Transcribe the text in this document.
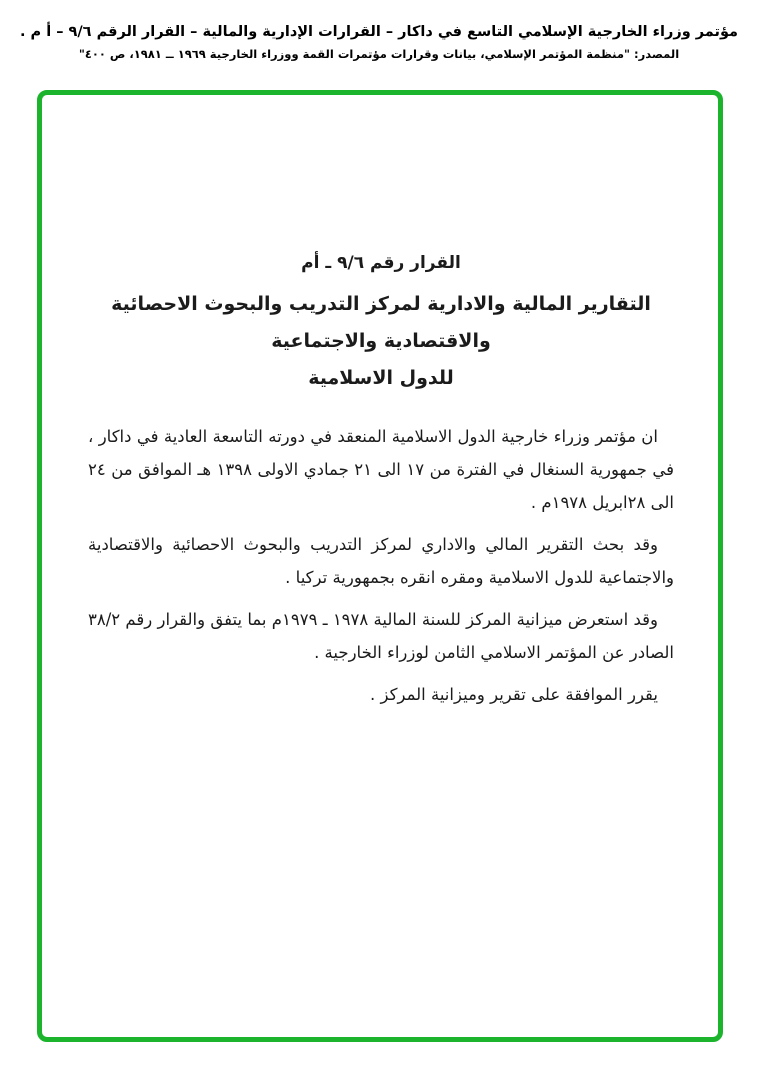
مؤتمر وزراء الخارجية الإسلامي التاسع في داكار – القرارات الإدارية والمالية – القرار الرقم ٩/٦ – أ م .
المصدر: "منظمة المؤتمر الإسلامي، بيانات وقرارات مؤتمرات القمة ووزراء الخارجية ١٩٦٩ ــ ١٩٨١، ص ٤٠٠"
القرار رقم ٩/٦ ـ أم
التقارير المالية والادارية لمركز التدريب والبحوث الاحصائية والاقتصادية والاجتماعية
للدول الاسلامية

ان مؤتمر وزراء خارجية الدول الاسلامية المنعقد في دورته التاسعة العادية في داكار ، في جمهورية السنغال في الفترة من ١٧ الى ٢١ جمادي الاولى ١٣٩٨ هـ الموافق من ٢٤ الى ٢٨ابريل ١٩٧٨م .

وقد بحث التقرير المالي والاداري لمركز التدريب والبحوث الاحصائية والاقتصادية والاجتماعية للدول الاسلامية ومقره انقره بجمهورية تركيا .

وقد استعرض ميزانية المركز للسنة المالية ١٩٧٨ ـ ١٩٧٩م بما يتفق والقرار رقم ٣٨/٢ الصادر عن المؤتمر الاسلامي الثامن لوزراء الخارجية .

يقرر الموافقة على تقرير وميزانية المركز .
